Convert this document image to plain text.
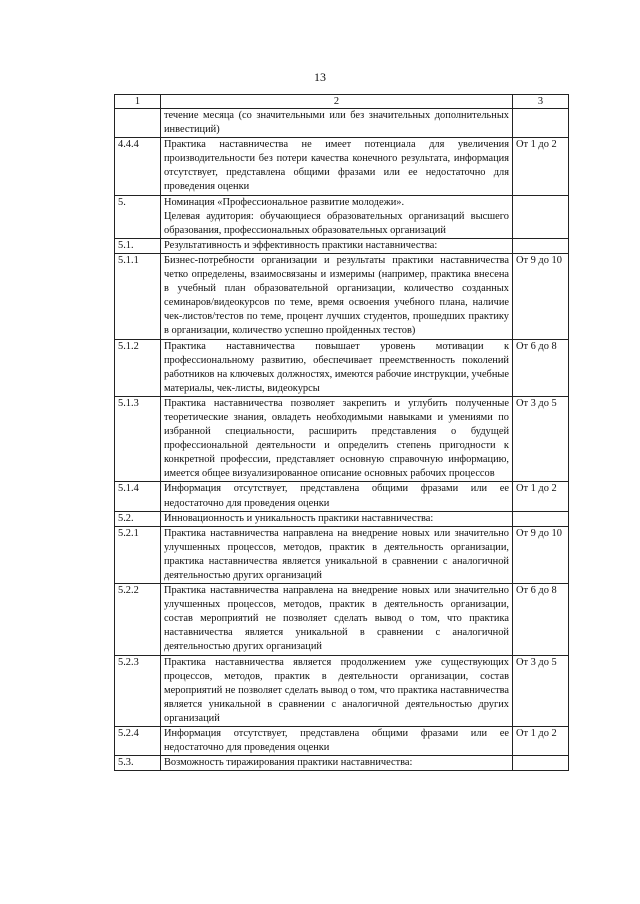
13
1	2	3
	течение месяца (со значительными или без значительных дополнительных инвестиций)	
4.4.4	Практика наставничества не имеет потенциала для увеличения производительности без потери качества конечного результата, информация отсутствует, представлена общими фразами или ее недостаточно для проведения оценки	От 1 до 2
5.	Номинация «Профессиональное развитие молодежи».
Целевая аудитория: обучающиеся образовательных организаций высшего образования, профессиональных образовательных организаций	

5.1.	Результативность и эффективность практики наставничества:	
5.1.1	Бизнес-потребности организации и результаты практики наставничества четко определены, взаимосвязаны и измеримы (например, практика внесена в учебный план образовательной организации, количество созданных семинаров/видеокурсов по теме, время освоения учебного плана, наличие чек-листов/тестов по теме, процент лучших студентов, прошедших практику в организации, количество успешно пройденных тестов)	От 9 до 10
5.1.2	Практика наставничества повышает уровень мотивации к профессиональному развитию, обеспечивает преемственность поколений работников на ключевых должностях, имеются рабочие инструкции, учебные материалы, чек-листы, видеокурсы	От 6 до 8
5.1.3	Практика наставничества позволяет закрепить и углубить полученные теоретические знания, овладеть необходимыми навыками и умениями по избранной специальности, расширить представления о будущей профессиональной деятельности и определить степень пригодности к конкретной профессии, представляет основную справочную информацию, имеется общее визуализированное описание основных рабочих процессов	От 3 до 5
5.1.4	Информация отсутствует, представлена общими фразами или ее недостаточно для проведения оценки	От 1 до 2
5.2.	Инновационность и уникальность практики наставничества:	
5.2.1	Практика наставничества направлена на внедрение новых или значительно улучшенных процессов, методов, практик в деятельность организации, практика наставничества является уникальной в сравнении с аналогичной деятельностью других организаций	От 9 до 10
5.2.2	Практика наставничества направлена на внедрение новых или значительно улучшенных процессов, методов, практик в деятельность организации, состав мероприятий не позволяет сделать вывод о том, что практика наставничества является уникальной в сравнении с аналогичной деятельностью других организаций	От 6 до 8
5.2.3	Практика наставничества является продолжением уже существующих процессов, методов, практик в деятельности организации, состав мероприятий не позволяет сделать вывод о том, что практика наставничества является уникальной в сравнении с аналогичной деятельностью других организаций	От 3 до 5
5.2.4	Информация отсутствует, представлена общими фразами или ее недостаточно для проведения оценки	От 1 до 2
5.3.	Возможность тиражирования практики наставничества:	
